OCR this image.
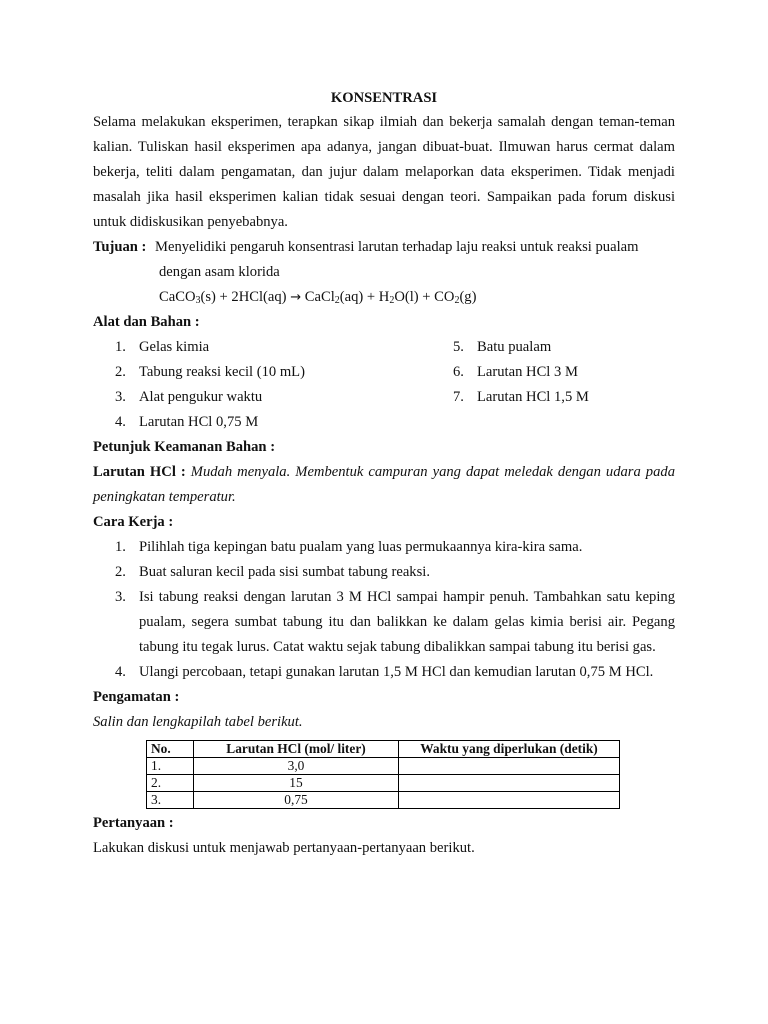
KONSENTRASI

Selama melakukan eksperimen, terapkan sikap ilmiah dan bekerja samalah dengan teman-teman kalian. Tuliskan hasil eksperimen apa adanya, jangan dibuat-buat. Ilmuwan harus cermat dalam bekerja, teliti dalam pengamatan, dan jujur dalam melaporkan data eksperimen. Tidak menjadi masalah jika hasil eksperimen kalian tidak sesuai dengan teori. Sampaikan pada forum diskusi untuk didiskusikan penyebabnya.

Tujuan : Menyelidiki pengaruh konsentrasi larutan terhadap laju reaksi untuk reaksi pualam

dengan asam klorida

CaCO$_3$(s) + 2HCl(aq) → CaCl$_2$(aq) + $H_2O(l) + CO_2(g)$

Alat dan Bahan :

1. Gelas kimia
2. Tabung reaksi kecil (10 mL)
3. Alat pengukur waktu
4. Larutan HCl 0,75 M
5. Batu pualam
6. Larutan HCl 3 M
7. Larutan HCl 1,5 M

Petunjuk Keamanan Bahan :

Larutan HCl : Mudah menyala. Membentuk campuran yang dapat meledak dengan udara pada peningkatan temperatur.

Cara Kerja :

1. Pilihlah tiga kepingan batu pualam yang luas permukaannya kira-kira sama.
2. Buat saluran kecil pada sisi sumbat tabung reaksi.
3. Isi tabung reaksi dengan larutan 3 M HCl sampai hampir penuh. Tambahkan satu keping pualam, segera sumbat tabung itu dan balikkan ke dalam gelas kimia berisi air. Pegang tabung itu tegak lurus. Catat waktu sejak tabung dibalikkan sampai tabung itu berisi gas.
4. Ulangi percobaan, tetapi gunakan larutan 1,5 M HCl dan kemudian larutan 0,75 M HCl.

Pengamatan :

Salin dan lengkapilah tabel berikut.

No.	Larutan HCl (mol/ liter)	Waktu yang diperlukan (detik)
1.	3,0	
2.	15	
3.	0,75	

Pertanyaan :

Lakukan diskusi untuk menjawab pertanyaan-pertanyaan berikut.
